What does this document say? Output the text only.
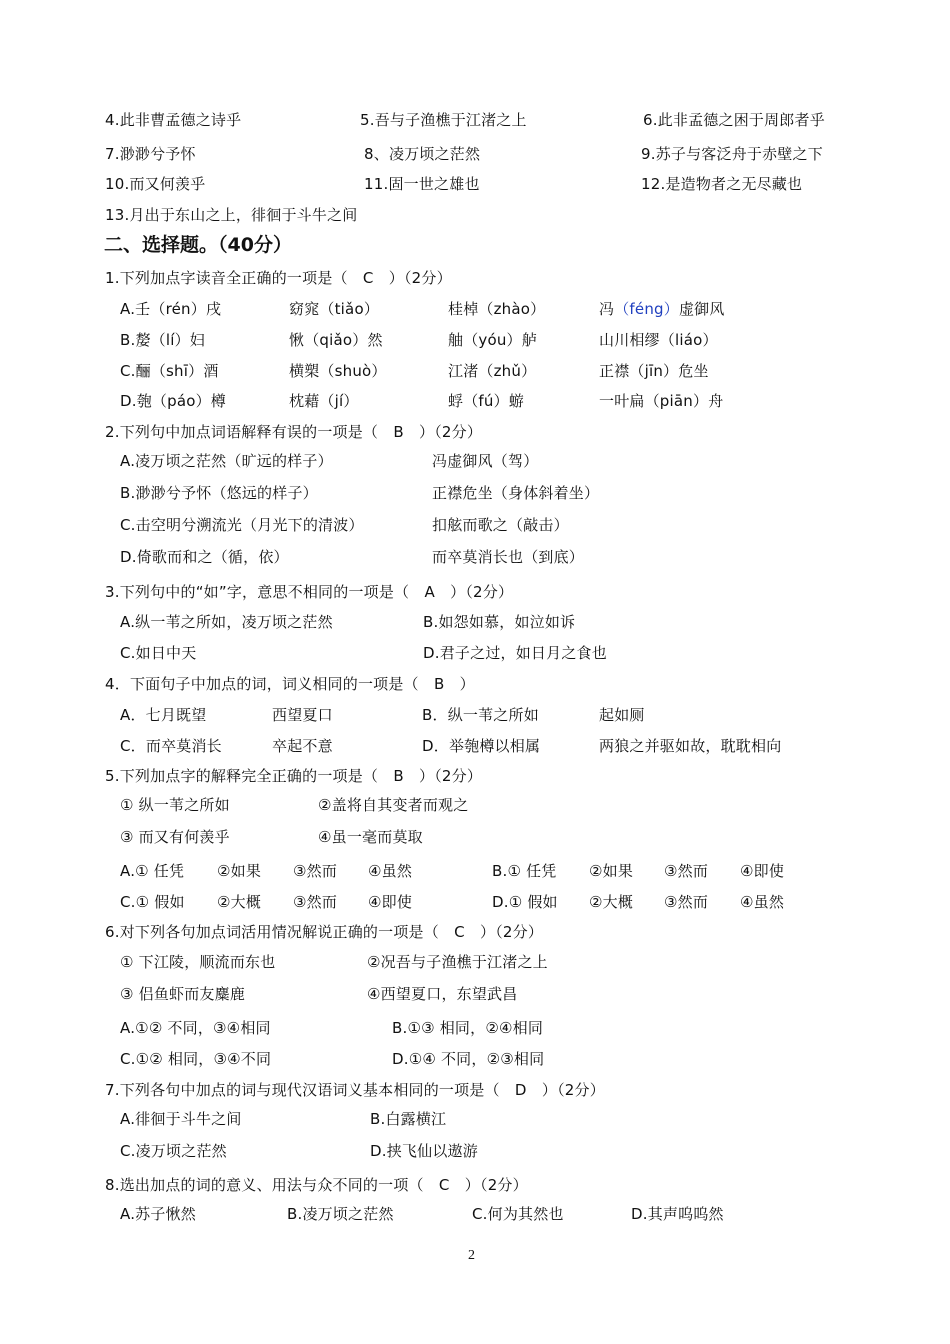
4.此非曹孟德之诗乎	5.吾与子渔樵于江渚之上	6.此非孟德之困于周郎者乎
7.渺渺兮予怀	8、凌万顷之茫然	9.苏子与客泛舟于赤壁之下
10.而又何羡乎	11.固一世之雄也	12.是造物者之无尽藏也
13.月出于东山之上，徘徊于斗牛之间
二、选择题。（40分）
1.下列加点字读音全正确的一项是（　C　）（2分）
A.壬（rén）戌	窈窕（tiǎo）	桂棹（zhào）	冯（féng）虚御风
B.嫠（lí）妇	愀（qiǎo）然	舳（yóu）舻	山川相缪（liáo）
C.酾（shī）酒	横槊（shuò）	江渚（zhǔ）	正襟（jīn）危坐
D.匏（páo）樽	枕藉（jí）	蜉（fú）蝣	一叶扁（piān）舟
2.下列句中加点词语解释有误的一项是（　B　）（2分）
A.凌万顷之茫然（旷远的样子）	冯虚御风（驾）
B.渺渺兮予怀（悠远的样子）	正襟危坐（身体斜着坐）
C.击空明兮溯流光（月光下的清波）	扣舷而歌之（敲击）
D.倚歌而和之（循，依）	而卒莫消长也（到底）
3.下列句中的“如”字，意思不相同的一项是（　A　）（2分）
A.纵一苇之所如，凌万顷之茫然	B.如怨如慕，如泣如诉
C.如日中天	D.君子之过，如日月之食也
4．下面句子中加点的词，词义相同的一项是（　B　）
A．七月既望	西望夏口	B．纵一苇之所如	起如厕
C．而卒莫消长	卒起不意	D．举匏樽以相属	两狼之并驱如故，耽耽相向
5.下列加点字的解释完全正确的一项是（　B　）（2分）
① 纵一苇之所如	②盖将自其变者而观之
③ 而又有何羡乎	④虽一毫而莫取
A.① 任凭 ②如果 ③然而 ④虽然	B.① 任凭 ②如果 ③然而 ④即使
C.① 假如 ②大概 ③然而 ④即使	D.① 假如 ②大概 ③然而 ④虽然
6.对下列各句加点词活用情况解说正确的一项是（　C　）（2分）
① 下江陵，顺流而东也	②况吾与子渔樵于江渚之上
③ 侣鱼虾而友麋鹿	④西望夏口，东望武昌
A.①② 不同，③④相同	B.①③ 相同，②④相同
C.①② 相同，③④不同	D.①④ 不同，②③相同
7.下列各句中加点的词与现代汉语词义基本相同的一项是（　D　）（2分）
A.徘徊于斗牛之间	B.白露横江
C.凌万顷之茫然	D.挟飞仙以遨游
8.选出加点的词的意义、用法与众不同的一项（　C　）（2分）
A.苏子愀然	B.凌万顷之茫然	C.何为其然也	D.其声呜呜然
2
